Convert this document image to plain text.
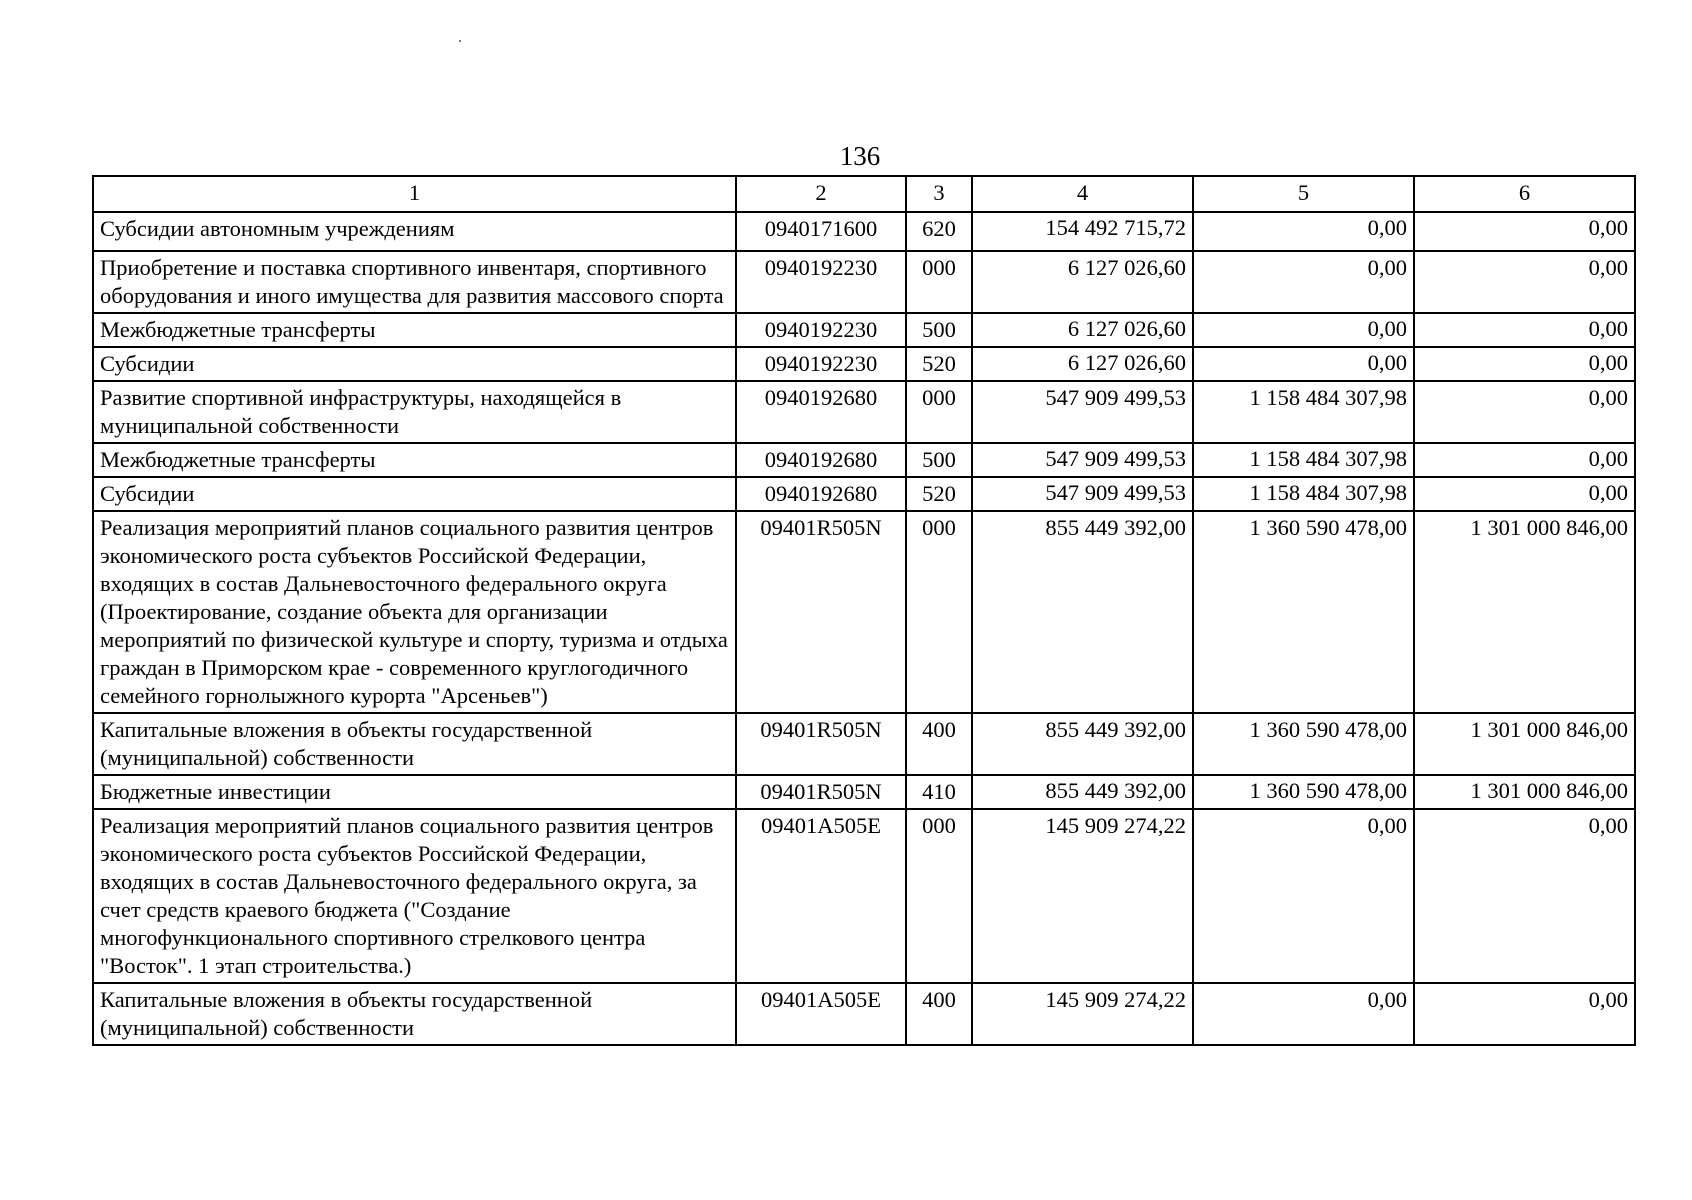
136
1	2	3	4	5	6
Субсидии автономным учреждениям	0940171600	620	154 492 715,72	0,00	0,00
Приобретение и поставка спортивного инвентаря, спортивного оборудования и иного имущества для развития массового спорта	0940192230	000	6 127 026,60	0,00	0,00
Межбюджетные трансферты	0940192230	500	6 127 026,60	0,00	0,00
Субсидии	0940192230	520	6 127 026,60	0,00	0,00
Развитие спортивной инфраструктуры, находящейся в муниципальной собственности	0940192680	000	547 909 499,53	1 158 484 307,98	0,00
Межбюджетные трансферты	0940192680	500	547 909 499,53	1 158 484 307,98	0,00
Субсидии	0940192680	520	547 909 499,53	1 158 484 307,98	0,00
Реализация мероприятий планов социального развития центров экономического роста субъектов Российской Федерации, входящих в состав Дальневосточного федерального округа (Проектирование, создание объекта для организации мероприятий по физической культуре и спорту, туризма и отдыха граждан в Приморском крае - современного круглогодичного семейного горнолыжного курорта "Арсеньев")	09401R505N	000	855 449 392,00	1 360 590 478,00	1 301 000 846,00
Капитальные вложения в объекты государственной (муниципальной) собственности	09401R505N	400	855 449 392,00	1 360 590 478,00	1 301 000 846,00
Бюджетные инвестиции	09401R505N	410	855 449 392,00	1 360 590 478,00	1 301 000 846,00
Реализация мероприятий планов социального развития центров экономического роста субъектов Российской Федерации, входящих в состав Дальневосточного федерального округа, за счет средств краевого бюджета ("Создание многофункционального спортивного стрелкового центра "Восток". 1 этап строительства.)	09401A505E	000	145 909 274,22	0,00	0,00
Капитальные вложения в объекты государственной (муниципальной) собственности	09401A505E	400	145 909 274,22	0,00	0,00
